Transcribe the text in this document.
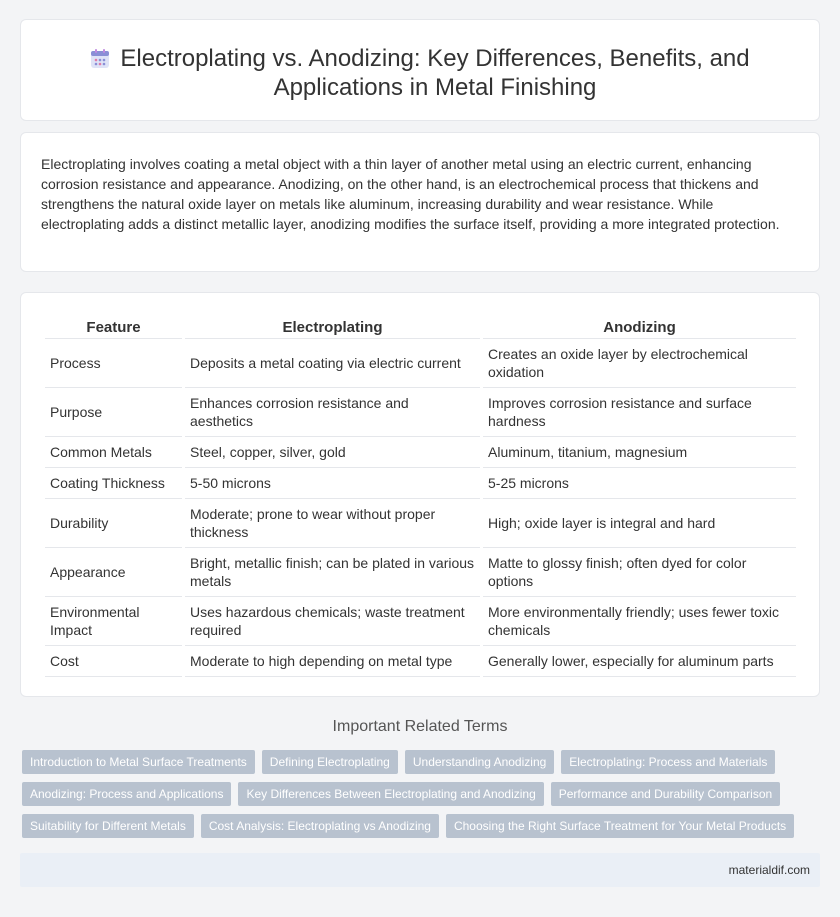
Electroplating vs. Anodizing: Key Differences, Benefits, and Applications in Metal Finishing

Electroplating involves coating a metal object with a thin layer of another metal using an electric current, enhancing corrosion resistance and appearance. Anodizing, on the other hand, is an electrochemical process that thickens and strengthens the natural oxide layer on metals like aluminum, increasing durability and wear resistance. While electroplating adds a distinct metallic layer, anodizing modifies the surface itself, providing a more integrated protection.

Feature	Electroplating	Anodizing
Process	Deposits a metal coating via electric current	Creates an oxide layer by electrochemical oxidation
Purpose	Enhances corrosion resistance and aesthetics	Improves corrosion resistance and surface hardness
Common Metals	Steel, copper, silver, gold	Aluminum, titanium, magnesium
Coating Thickness	5-50 microns	5-25 microns
Durability	Moderate; prone to wear without proper thickness	High; oxide layer is integral and hard
Appearance	Bright, metallic finish; can be plated in various metals	Matte to glossy finish; often dyed for color options
Environmental Impact	Uses hazardous chemicals; waste treatment required	More environmentally friendly; uses fewer toxic chemicals
Cost	Moderate to high depending on metal type	Generally lower, especially for aluminum parts
Important Related Terms
Introduction to Metal Surface Treatments	Defining Electroplating	Understanding Anodizing	Electroplating: Process and Materials
Anodizing: Process and Applications	Key Differences Between Electroplating and Anodizing	Performance and Durability Comparison
Suitability for Different Metals	Cost Analysis: Electroplating vs Anodizing	Choosing the Right Surface Treatment for Your Metal Products
materialdif.com
